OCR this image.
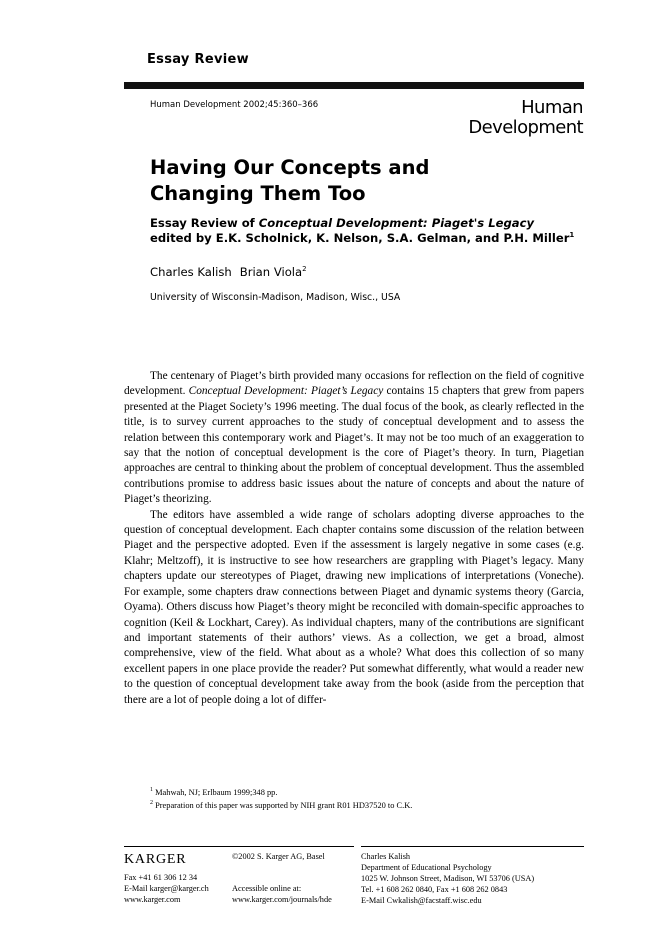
Essay Review
Human Development 2002;45:360–366	Human
Development
Having Our Concepts and Changing Them Too
Essay Review of Conceptual Development: Piaget's Legacy
edited by E.K. Scholnick, K. Nelson, S.A. Gelman, and P.H. Miller$^1$
Charles Kalish Brian Viola$^2$
University of Wisconsin-Madison, Madison, Wisc., USA

The centenary of Piaget’s birth provided many occasions for reflection on the field of cognitive development. Conceptual Development: Piaget’s Legacy contains 15 chapters that grew from papers presented at the Piaget Society’s 1996 meeting. The dual focus of the book, as clearly reflected in the title, is to survey current approaches to the study of conceptual development and to assess the relation between this contemporary work and Piaget’s. It may not be too much of an exaggeration to say that the notion of conceptual development is the core of Piaget’s theory. In turn, Piagetian approaches are central to thinking about the problem of conceptual development. Thus the assembled contributions promise to address basic issues about the nature of concepts and about the nature of Piaget’s theorizing.

The editors have assembled a wide range of scholars adopting diverse approaches to the question of conceptual development. Each chapter contains some discussion of the relation between Piaget and the perspective adopted. Even if the assessment is largely negative in some cases (e.g. Klahr; Meltzoff), it is instructive to see how researchers are grappling with Piaget’s legacy. Many chapters update our stereotypes of Piaget, drawing new implications of interpretations (Voneche). For example, some chapters draw connections between Piaget and dynamic systems theory (Garcia, Oyama). Others discuss how Piaget’s theory might be reconciled with domain-specific approaches to cognition (Keil & Lockhart, Carey). As individual chapters, many of the contributions are significant and important statements of their authors’ views. As a collection, we get a broad, almost comprehensive, view of the field. What about as a whole? What does this collection of so many excellent papers in one place provide the reader? Put somewhat differently, what would a reader new to the question of conceptual development take away from the book (aside from the perception that there are a lot of people doing a lot of differ-

$^1$ Mahwah, NJ; Erlbaum 1999;348 pp.
$^2$ Preparation of this paper was supported by NIH grant R01 HD37520 to C.K.
KARGER
Fax +41 61 306 12 34
E-Mail karger@karger.ch
www.karger.com
©2002 S. Karger AG, Basel
Accessible online at:
www.karger.com/journals/hde
Charles Kalish
Department of Educational Psychology
1025 W. Johnson Street, Madison, WI 53706 (USA)
Tel. +1 608 262 0840, Fax +1 608 262 0843
E-Mail Cwkalish@facstaff.wisc.edu
